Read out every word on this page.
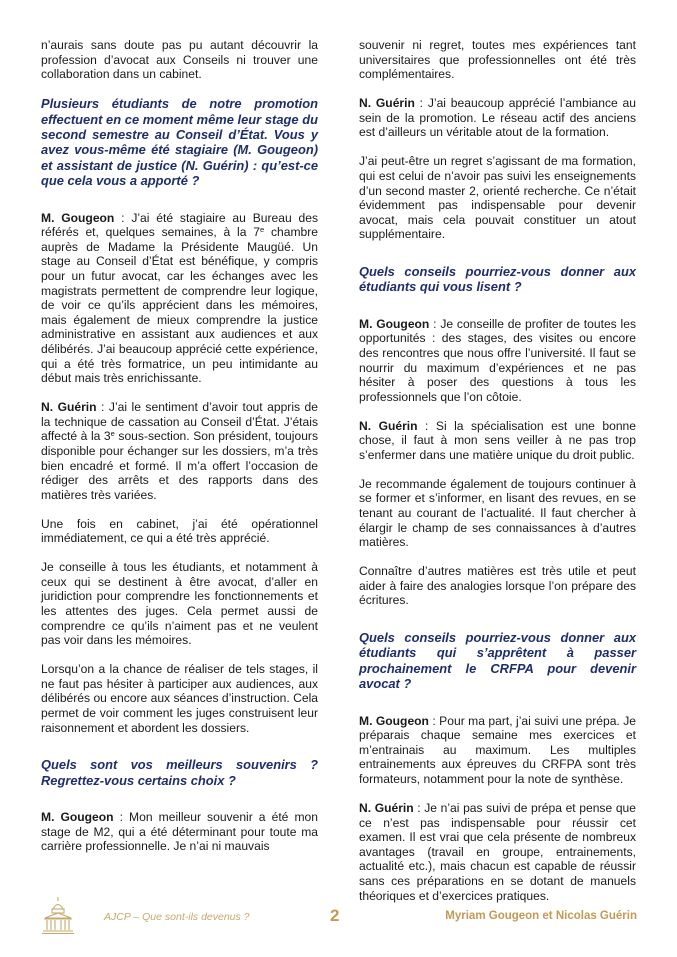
n’aurais sans doute pas pu autant découvrir la profession d’avocat aux Conseils ni trouver une collaboration dans un cabinet.

Plusieurs étudiants de notre promotion effectuent en ce moment même leur stage du second semestre au Conseil d’État. Vous y avez vous-même été stagiaire (M. Gougeon) et assistant de justice (N. Guérin) : qu’est-ce que cela vous a apporté ?

M. Gougeon : J’ai été stagiaire au Bureau des référés et, quelques semaines, à la 7e chambre auprès de Madame la Présidente Maugüé. Un stage au Conseil d’État est bénéfique, y compris pour un futur avocat, car les échanges avec les magistrats permettent de comprendre leur logique, de voir ce qu’ils apprécient dans les mémoires, mais également de mieux comprendre la justice administrative en assistant aux audiences et aux délibérés. J’ai beaucoup apprécié cette expérience, qui a été très formatrice, un peu intimidante au début mais très enrichissante.

N. Guérin : J’ai le sentiment d’avoir tout appris de la technique de cassation au Conseil d’État. J’étais affecté à la 3e sous-section. Son président, toujours disponible pour échanger sur les dossiers, m’a très bien encadré et formé. Il m’a offert l’occasion de rédiger des arrêts et des rapports dans des matières très variées.

Une fois en cabinet, j’ai été opérationnel immédiatement, ce qui a été très apprécié.

Je conseille à tous les étudiants, et notamment à ceux qui se destinent à être avocat, d’aller en juridiction pour comprendre les fonctionnements et les attentes des juges. Cela permet aussi de comprendre ce qu’ils n’aiment pas et ne veulent pas voir dans les mémoires.

Lorsqu’on a la chance de réaliser de tels stages, il ne faut pas hésiter à participer aux audiences, aux délibérés ou encore aux séances d’instruction. Cela permet de voir comment les juges construisent leur raisonnement et abordent les dossiers.

Quels sont vos meilleurs souvenirs ? Regrettez-vous certains choix ?

M. Gougeon : Mon meilleur souvenir a été mon stage de M2, qui a été déterminant pour toute ma carrière professionnelle. Je n’ai ni mauvais

souvenir ni regret, toutes mes expériences tant universitaires que professionnelles ont été très complémentaires.

N. Guérin : J’ai beaucoup apprécié l’ambiance au sein de la promotion. Le réseau actif des anciens est d’ailleurs un véritable atout de la formation.

J’ai peut-être un regret s’agissant de ma formation, qui est celui de n’avoir pas suivi les enseignements d’un second master 2, orienté recherche. Ce n’était évidemment pas indispensable pour devenir avocat, mais cela pouvait constituer un atout supplémentaire.

Quels conseils pourriez-vous donner aux étudiants qui vous lisent ?

M. Gougeon : Je conseille de profiter de toutes les opportunités : des stages, des visites ou encore des rencontres que nous offre l’université. Il faut se nourrir du maximum d’expériences et ne pas hésiter à poser des questions à tous les professionnels que l’on côtoie.

N. Guérin : Si la spécialisation est une bonne chose, il faut à mon sens veiller à ne pas trop s’enfermer dans une matière unique du droit public.

Je recommande également de toujours continuer à se former et s’informer, en lisant des revues, en se tenant au courant de l’actualité. Il faut chercher à élargir le champ de ses connaissances à d’autres matières.

Connaître d’autres matières est très utile et peut aider à faire des analogies lorsque l’on prépare des écritures.

Quels conseils pourriez-vous donner aux étudiants qui s’apprêtent à passer prochainement le CRFPA pour devenir avocat ?

M. Gougeon : Pour ma part, j’ai suivi une prépa. Je préparais chaque semaine mes exercices et m’entrainais au maximum. Les multiples entrainements aux épreuves du CRFPA sont très formateurs, notamment pour la note de synthèse.

N. Guérin : Je n’ai pas suivi de prépa et pense que ce n’est pas indispensable pour réussir cet examen. Il est vrai que cela présente de nombreux avantages (travail en groupe, entrainements, actualité etc.), mais chacun est capable de réussir sans ces préparations en se dotant de manuels théoriques et d’exercices pratiques.

AJCP – Que sont-ils devenus ?	2	Myriam Gougeon et Nicolas Guérin
